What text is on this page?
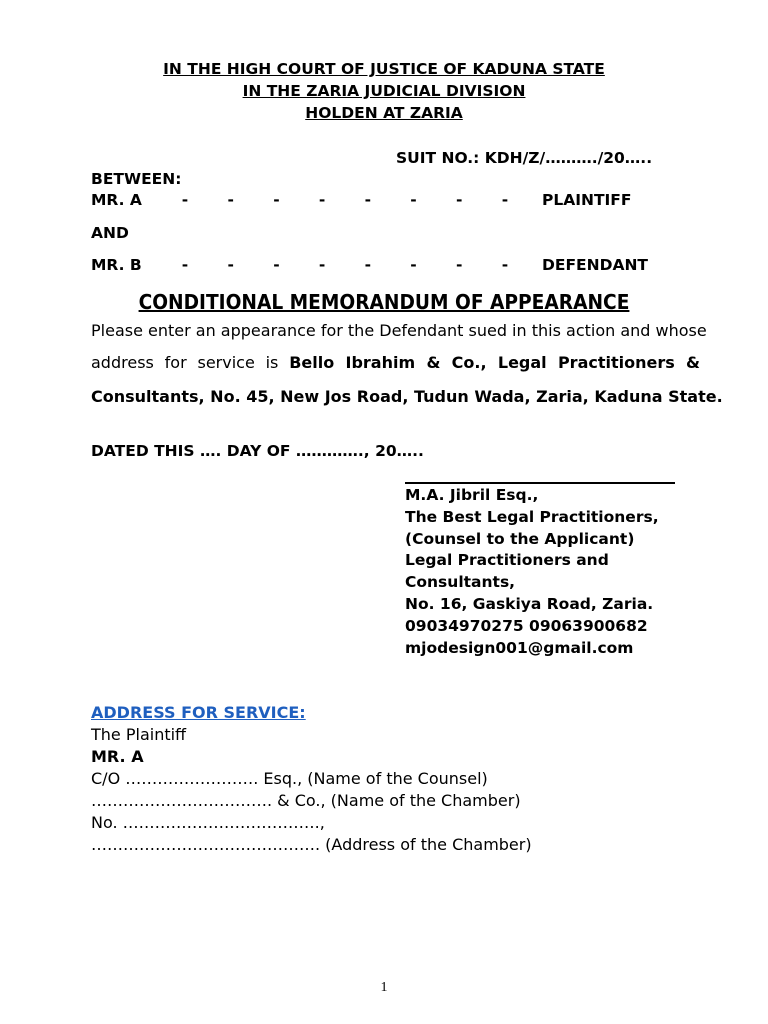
IN THE HIGH COURT OF JUSTICE OF KADUNA STATE
IN THE ZARIA JUDICIAL DIVISION
HOLDEN AT ZARIA
SUIT NO.: KDH/Z/………./20…..
BETWEEN:
MR. A	-	-	-	-	-	-	-	- PLAINTIFF
AND
MR. B	-	-	-	-	-	-	-	- DEFENDANT
CONDITIONAL MEMORANDUM OF APPEARANCE
Please enter an appearance for the Defendant sued in this action and whose
address for service is Bello Ibrahim & Co., Legal Practitioners &
Consultants, No. 45, New Jos Road, Tudun Wada, Zaria, Kaduna State.
DATED THIS …. DAY OF …………., 20…..
M.A. Jibril Esq.,
The Best Legal Practitioners,
(Counsel to the Applicant)
Legal Practitioners and
Consultants,
No. 16, Gaskiya Road, Zaria.
09034970275 09063900682
mjodesign001@gmail.com
ADDRESS FOR SERVICE:
The Plaintiff
MR. A
C/O ……………………. Esq., (Name of the Counsel)
……………………………. & Co., (Name of the Chamber)
No. ……………………………….,
……………………………………. (Address of the Chamber)
1
